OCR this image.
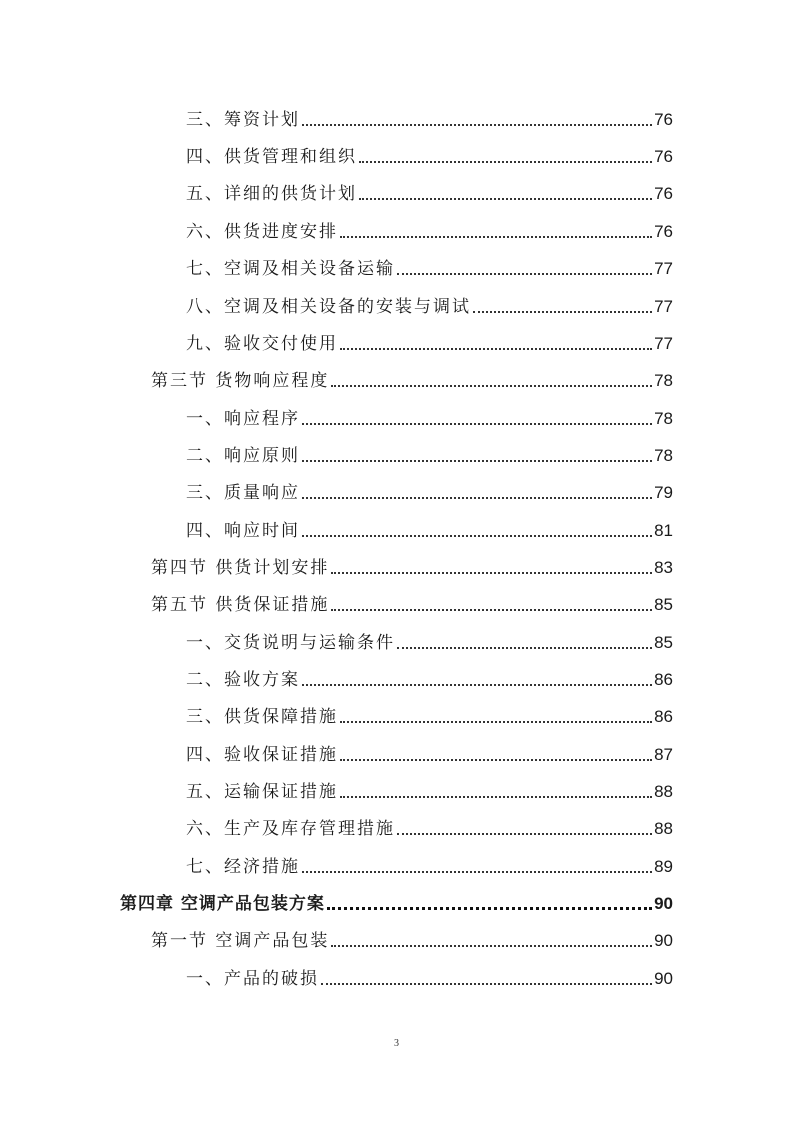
三、筹资计划	76
四、供货管理和组织	76
五、详细的供货计划	76
六、供货进度安排	76
七、空调及相关设备运输	77
八、空调及相关设备的安装与调试	77
九、验收交付使用	77
第三节 货物响应程度	78
一、响应程序	78
二、响应原则	78
三、质量响应	79
四、响应时间	81
第四节 供货计划安排	83
第五节 供货保证措施	85
一、交货说明与运输条件	85
二、验收方案	86
三、供货保障措施	86
四、验收保证措施	87
五、运输保证措施	88
六、生产及库存管理措施	88
七、经济措施	89
第四章 空调产品包装方案	90
第一节 空调产品包装	90
一、产品的破损	90
3
